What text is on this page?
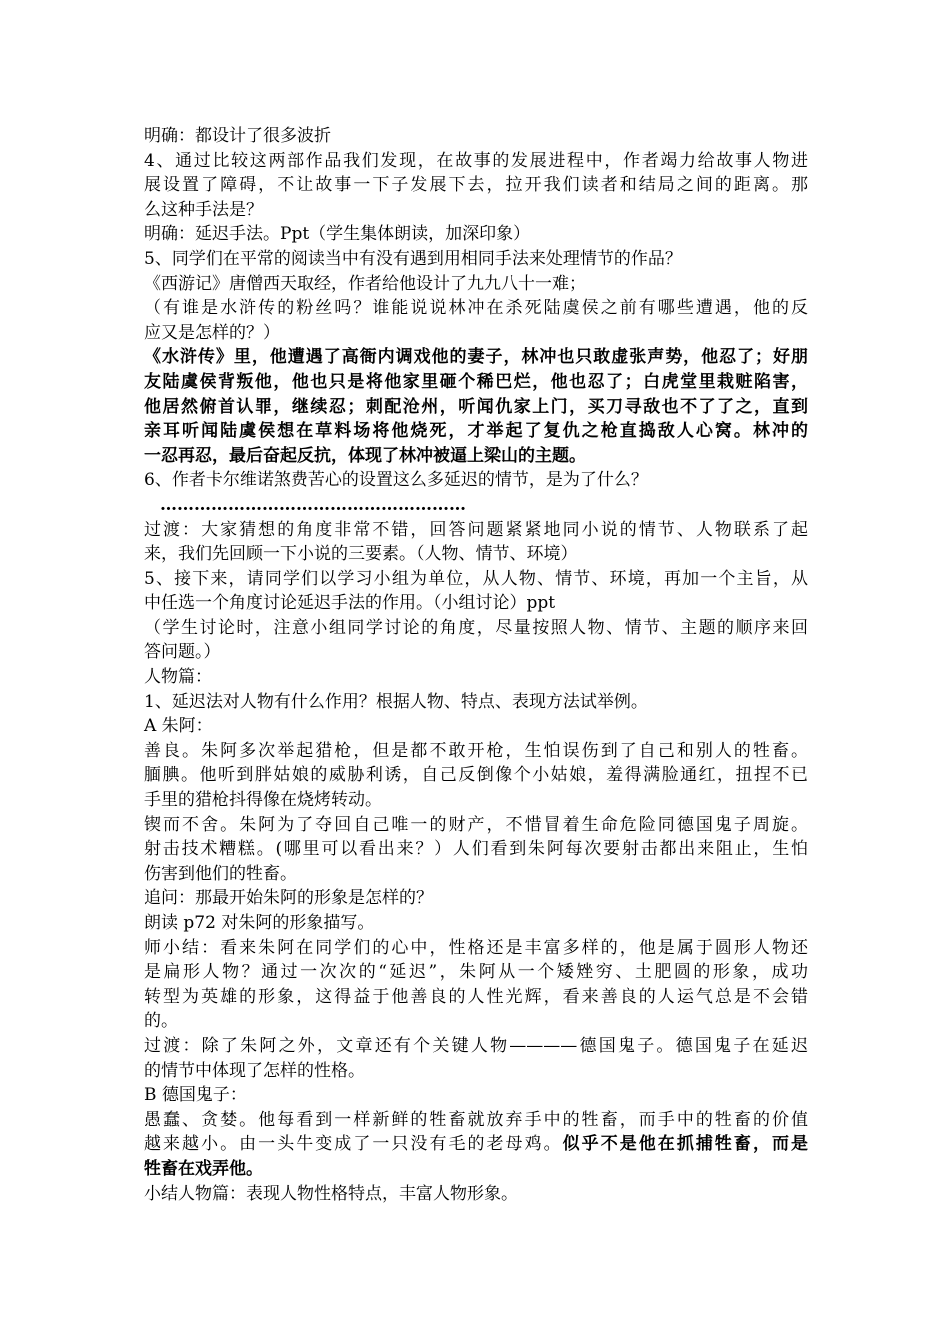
明确：都设计了很多波折
4、通过比较这两部作品我们发现，在故事的发展进程中，作者竭力给故事人物进
展设置了障碍，不让故事一下子发展下去，拉开我们读者和结局之间的距离。那
么这种手法是？
明确：延迟手法。Ppt（学生集体朗读，加深印象）
5、同学们在平常的阅读当中有没有遇到用相同手法来处理情节的作品？
《西游记》唐僧西天取经，作者给他设计了九九八十一难；
（有谁是水浒传的粉丝吗？谁能说说林冲在杀死陆虞侯之前有哪些遭遇，他的反
应又是怎样的？）
《水浒传》里，他遭遇了高衙内调戏他的妻子，林冲也只敢虚张声势，他忍了；好朋
友陆虞侯背叛他，他也只是将他家里砸个稀巴烂，他也忍了；白虎堂里栽赃陷害，
他居然俯首认罪，继续忍；刺配沧州，听闻仇家上门，买刀寻敌也不了了之，直到
亲耳听闻陆虞侯想在草料场将他烧死，才举起了复仇之枪直捣敌人心窝。林冲的
一忍再忍，最后奋起反抗，体现了林冲被逼上梁山的主题。
6、作者卡尔维诺煞费苦心的设置这么多延迟的情节，是为了什么？
………………………………………………
过渡：大家猜想的角度非常不错，回答问题紧紧地同小说的情节、人物联系了起
来，我们先回顾一下小说的三要素。（人物、情节、环境）
5、接下来，请同学们以学习小组为单位，从人物、情节、环境，再加一个主旨，从
中任选一个角度讨论延迟手法的作用。（小组讨论）ppt
（学生讨论时，注意小组同学讨论的角度，尽量按照人物、情节、主题的顺序来回
答问题。）
人物篇：
1、延迟法对人物有什么作用？根据人物、特点、表现方法试举例。
A 朱阿：
善良。朱阿多次举起猎枪，但是都不敢开枪，生怕误伤到了自己和别人的牲畜。
腼腆。他听到胖姑娘的威胁利诱，自己反倒像个小姑娘，羞得满脸通红，扭捏不已
手里的猎枪抖得像在烧烤转动。
锲而不舍。朱阿为了夺回自己唯一的财产，不惜冒着生命危险同德国鬼子周旋。
射击技术糟糕。(哪里可以看出来？）人们看到朱阿每次要射击都出来阻止，生怕
伤害到他们的牲畜。
追问：那最开始朱阿的形象是怎样的？
朗读 p72 对朱阿的形象描写。
师小结：看来朱阿在同学们的心中，性格还是丰富多样的，他是属于圆形人物还
是扁形人物？通过一次次的“延迟”，朱阿从一个矮矬穷、土肥圆的形象，成功
转型为英雄的形象，这得益于他善良的人性光辉，看来善良的人运气总是不会错
的。
过渡：除了朱阿之外，文章还有个关键人物————德国鬼子。德国鬼子在延迟
的情节中体现了怎样的性格。
B 德国鬼子：
愚蠢、贪婪。他每看到一样新鲜的牲畜就放弃手中的牲畜，而手中的牲畜的价值
越来越小。由一头牛变成了一只没有毛的老母鸡。似乎不是他在抓捕牲畜，而是
牲畜在戏弄他。
小结人物篇：表现人物性格特点，丰富人物形象。
